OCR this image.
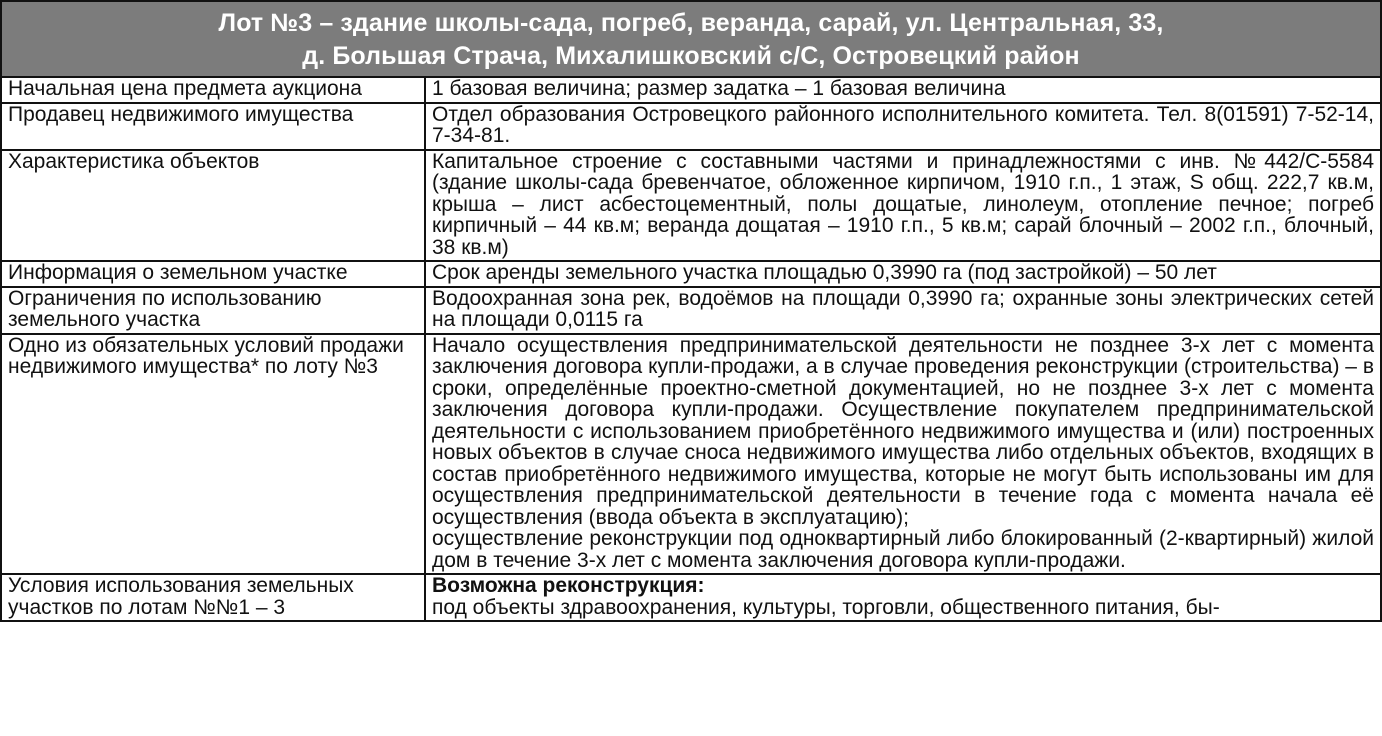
Лот №3 – здание школы-сада, погреб, веранда, сарай, ул. Центральная, 33,
д. Большая Страча, Михалишковский с/С, Островецкий район
Начальная цена предмета аукциона	1 базовая величина; размер задатка – 1 базовая величина

Продавец недвижимого имущества	Отдел образования Островецкого районного исполнительного комитета. Тел. 8(01591) 7-52-14, 7-34-81.

Характеристика объектов	Капитальное строение с составными частями и принадлежностями с инв. №442/С-5584 (здание школы-сада бревенчатое, обложенное кирпичом, 1910 г.п., 1 этаж, S общ. 222,7 кв.м, крыша – лист асбестоцементный, полы дощатые, линолеум, отопление печное; погреб кирпичный – 44 кв.м; веранда дощатая – 1910 г.п., 5 кв.м; сарай блочный – 2002 г.п., блочный, 38 кв.м)

Информация о земельном участке	Срок аренды земельного участка площадью 0,3990 га (под застройкой) – 50 лет

Ограничения по использованию земельного участка	Водоохранная зона рек, водоёмов на площади 0,3990 га; охранные зоны электрических сетей на площади 0,0115 га

Одно из обязательных условий продажи недвижимого имущества* по лоту №3	Начало осуществления предпринимательской деятельности не позднее 3-х лет с момента заключения договора купли-продажи, а в случае проведения реконструкции (строительства) – в сроки, определённые проектно-сметной документацией, но не позднее 3-х лет с момента заключения договора купли-продажи. Осуществление покупателем предпринимательской деятельности с использованием приобретённого недвижимого имущества и (или) построенных новых объектов в случае сноса недвижимого имущества либо отдельных объектов, входящих в состав приобретённого недвижимого имущества, которые не могут быть использованы им для осуществления предпринимательской деятельности в течение года с момента начала её осуществления (ввода объекта в эксплуатацию);
осуществление реконструкции под одноквартирный либо блокированный (2-квартирный) жилой дом в течение 3-х лет с момента заключения договора купли-продажи.

Условия использования земельных участков по лотам №№1 – 3	Возможна реконструкция:
под объекты здравоохранения, культуры, торговли, общественного питания, бы-
